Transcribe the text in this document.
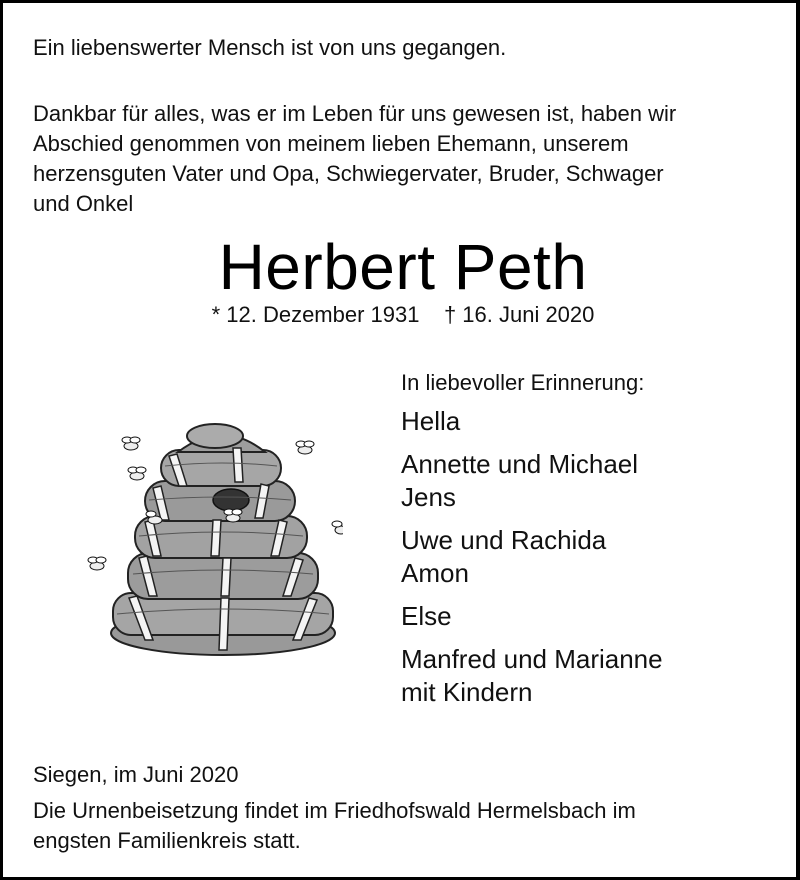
Ein liebenswerter Mensch ist von uns gegangen.

Dankbar für alles, was er im Leben für uns gewesen ist, haben wir
Abschied genommen von meinem lieben Ehemann, unserem
herzensguten Vater und Opa, Schwiegervater, Bruder, Schwager
und Onkel

Herbert Peth
* 12. Dezember 1931 † 16. Juni 2020

In liebevoller Erinnerung:

Hella
Annette und Michael
Jens
Uwe und Rachida
Amon
Else
Manfred und Marianne
mit Kindern

Siegen, im Juni 2020

Die Urnenbeisetzung findet im Friedhofswald Hermelsbach im
engsten Familienkreis statt.
